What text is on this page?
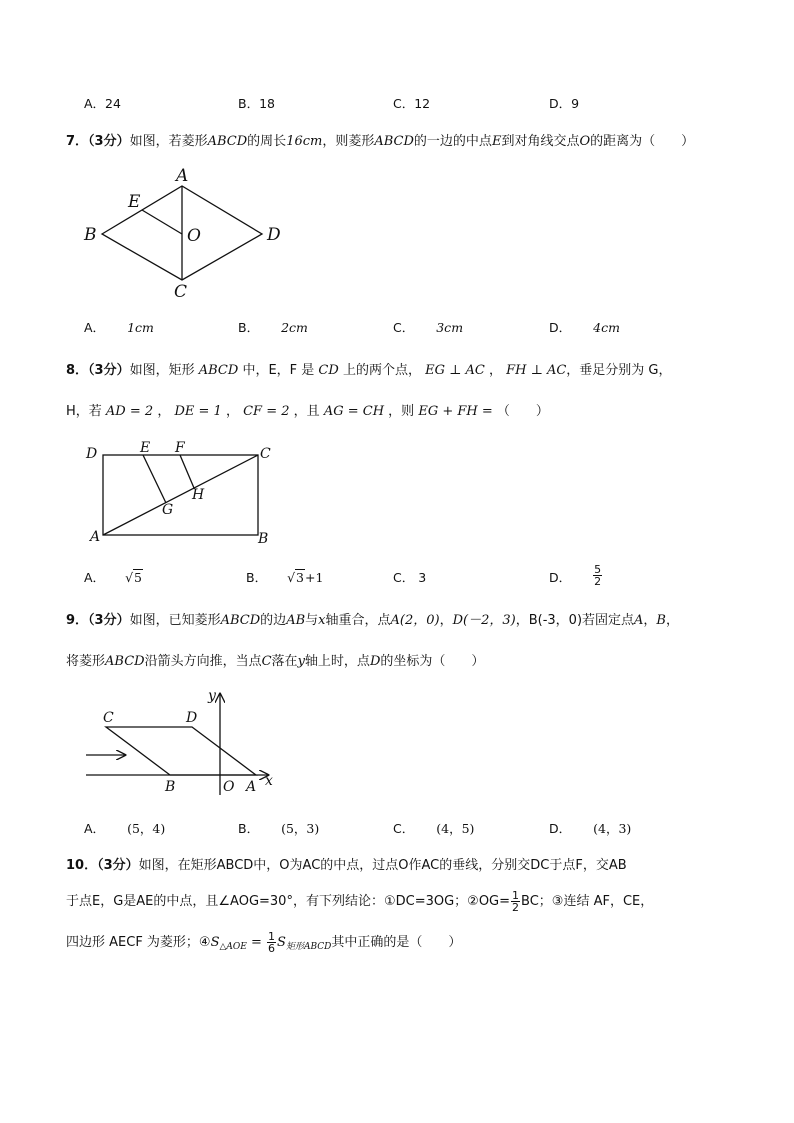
A．24	B．18	C．12	D．9
7．（3分）如图，若菱形ABCD的周长16cm，则菱形ABCD的一边的中点E到对角线交点O的距离为（　　）
A
E
B	O	D
C
A． 1cm	B． 2cm	C． 3cm	D． 4cm
8．（3分）如图，矩形 ABCD 中，E，F 是 CD 上的两个点， EG ⊥ AC ， FH ⊥ AC，垂足分别为 G，
H，若 AD = 2 ， DE = 1 ， CF = 2 ，且 AG = CH ，则 EG + FH = （　　）
D	E F	C
H
G
A	B
A． √5	B． √3+1	C． 3	D． $\frac{5}{2}$
9．（3分）如图，已知菱形ABCD的边AB与x轴重合，点A(2，0)，D(－2，3)，B(-3，0)若固定点A，B，
将菱形ABCD沿箭头方向推，当点C落在y轴上时，点D的坐标为（　　）
C	D
y
B	O A x
A． (5，4)	B． (5，3)	C． (4，5)	D． (4，3)
10．（3分）如图，在矩形ABCD中，O为AC的中点，过点O作AC的垂线，分别交DC于点F，交AB
于点E，G是AE的中点，且∠AOG=30°，有下列结论：①DC=3OG；②OG= $\frac{1}{2}$ BC；③连结 AF，CE，
四边形 AECF 为菱形；$④S_{\triangle AOE} = \frac{1}{6} S_{矩形ABCD}$其中正确的是（　　）
